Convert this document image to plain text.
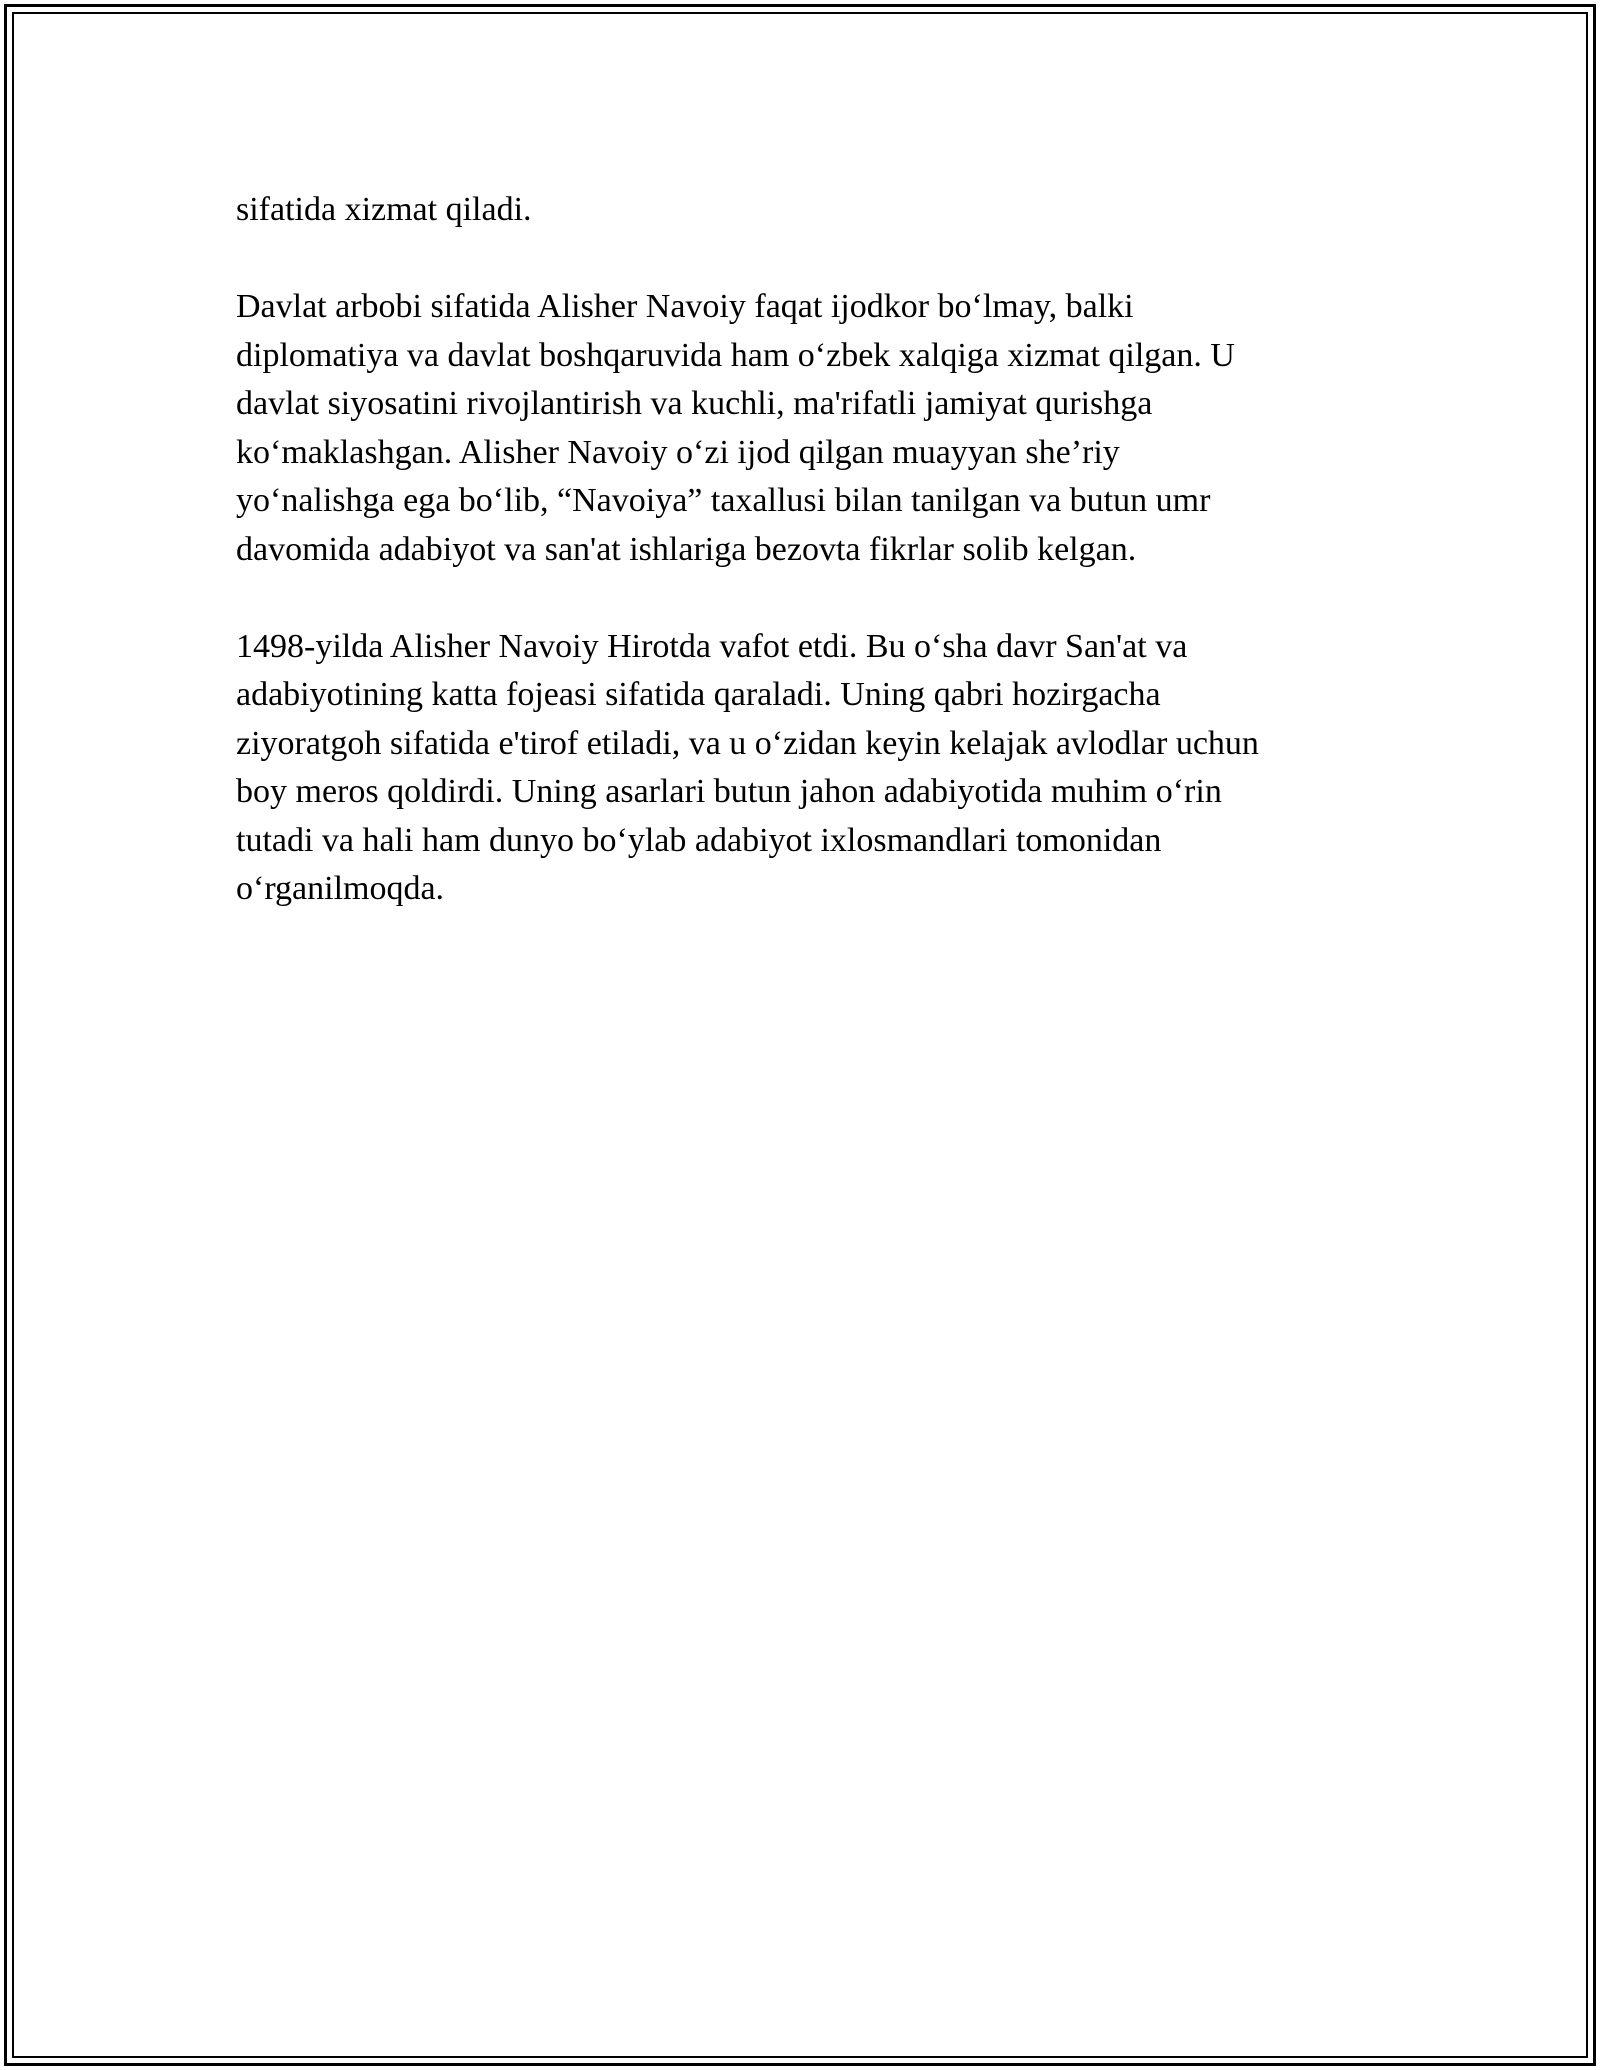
sifatida xizmat qiladi.

Davlat arbobi sifatida Alisher Navoiy faqat ijodkor bo‘lmay, balki
diplomatiya va davlat boshqaruvida ham o‘zbek xalqiga xizmat qilgan. U
davlat siyosatini rivojlantirish va kuchli, ma'rifatli jamiyat qurishga
ko‘maklashgan. Alisher Navoiy o‘zi ijod qilgan muayyan she’riy
yo‘nalishga ega bo‘lib, “Navoiya” taxallusi bilan tanilgan va butun umr
davomida adabiyot va san'at ishlariga bezovta fikrlar solib kelgan.

1498-yilda Alisher Navoiy Hirotda vafot etdi. Bu o‘sha davr San'at va
adabiyotining katta fojeasi sifatida qaraladi. Uning qabri hozirgacha
ziyoratgoh sifatida e'tirof etiladi, va u o‘zidan keyin kelajak avlodlar uchun
boy meros qoldirdi. Uning asarlari butun jahon adabiyotida muhim o‘rin
tutadi va hali ham dunyo bo‘ylab adabiyot ixlosmandlari tomonidan
o‘rganilmoqda.
